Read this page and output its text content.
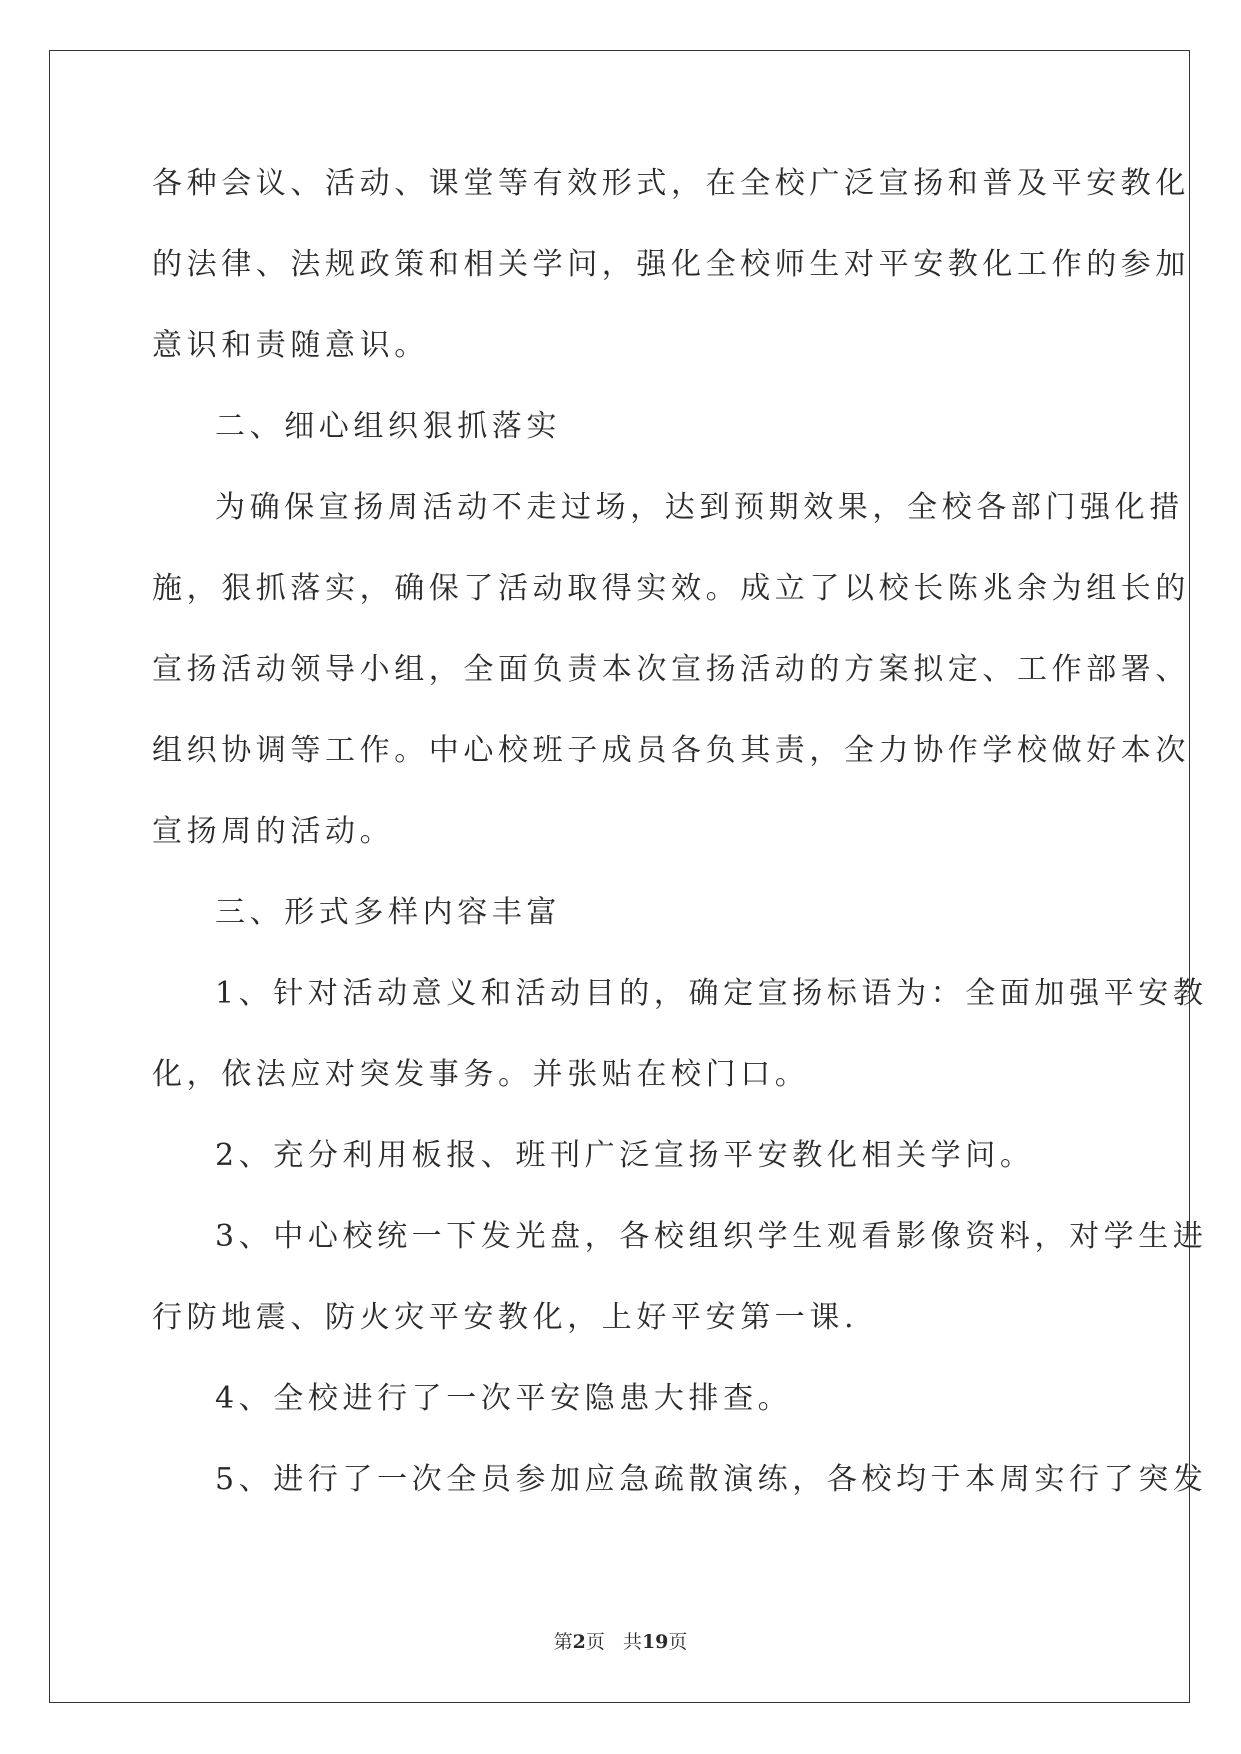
各种会议、活动、课堂等有效形式，在全校广泛宣扬和普及平安教化

的法律、法规政策和相关学问，强化全校师生对平安教化工作的参加

意识和责随意识。

二、细心组织狠抓落实

为确保宣扬周活动不走过场，达到预期效果，全校各部门强化措

施，狠抓落实，确保了活动取得实效。成立了以校长陈兆余为组长的

宣扬活动领导小组，全面负责本次宣扬活动的方案拟定、工作部署、

组织协调等工作。中心校班子成员各负其责，全力协作学校做好本次

宣扬周的活动。

三、形式多样内容丰富

1、针对活动意义和活动目的，确定宣扬标语为：全面加强平安教

化，依法应对突发事务。并张贴在校门口。

2、充分利用板报、班刊广泛宣扬平安教化相关学问。

3、中心校统一下发光盘，各校组织学生观看影像资料，对学生进

行防地震、防火灾平安教化，上好平安第一课.

4、全校进行了一次平安隐患大排查。

5、进行了一次全员参加应急疏散演练，各校均于本周实行了突发

第2页   共19页
